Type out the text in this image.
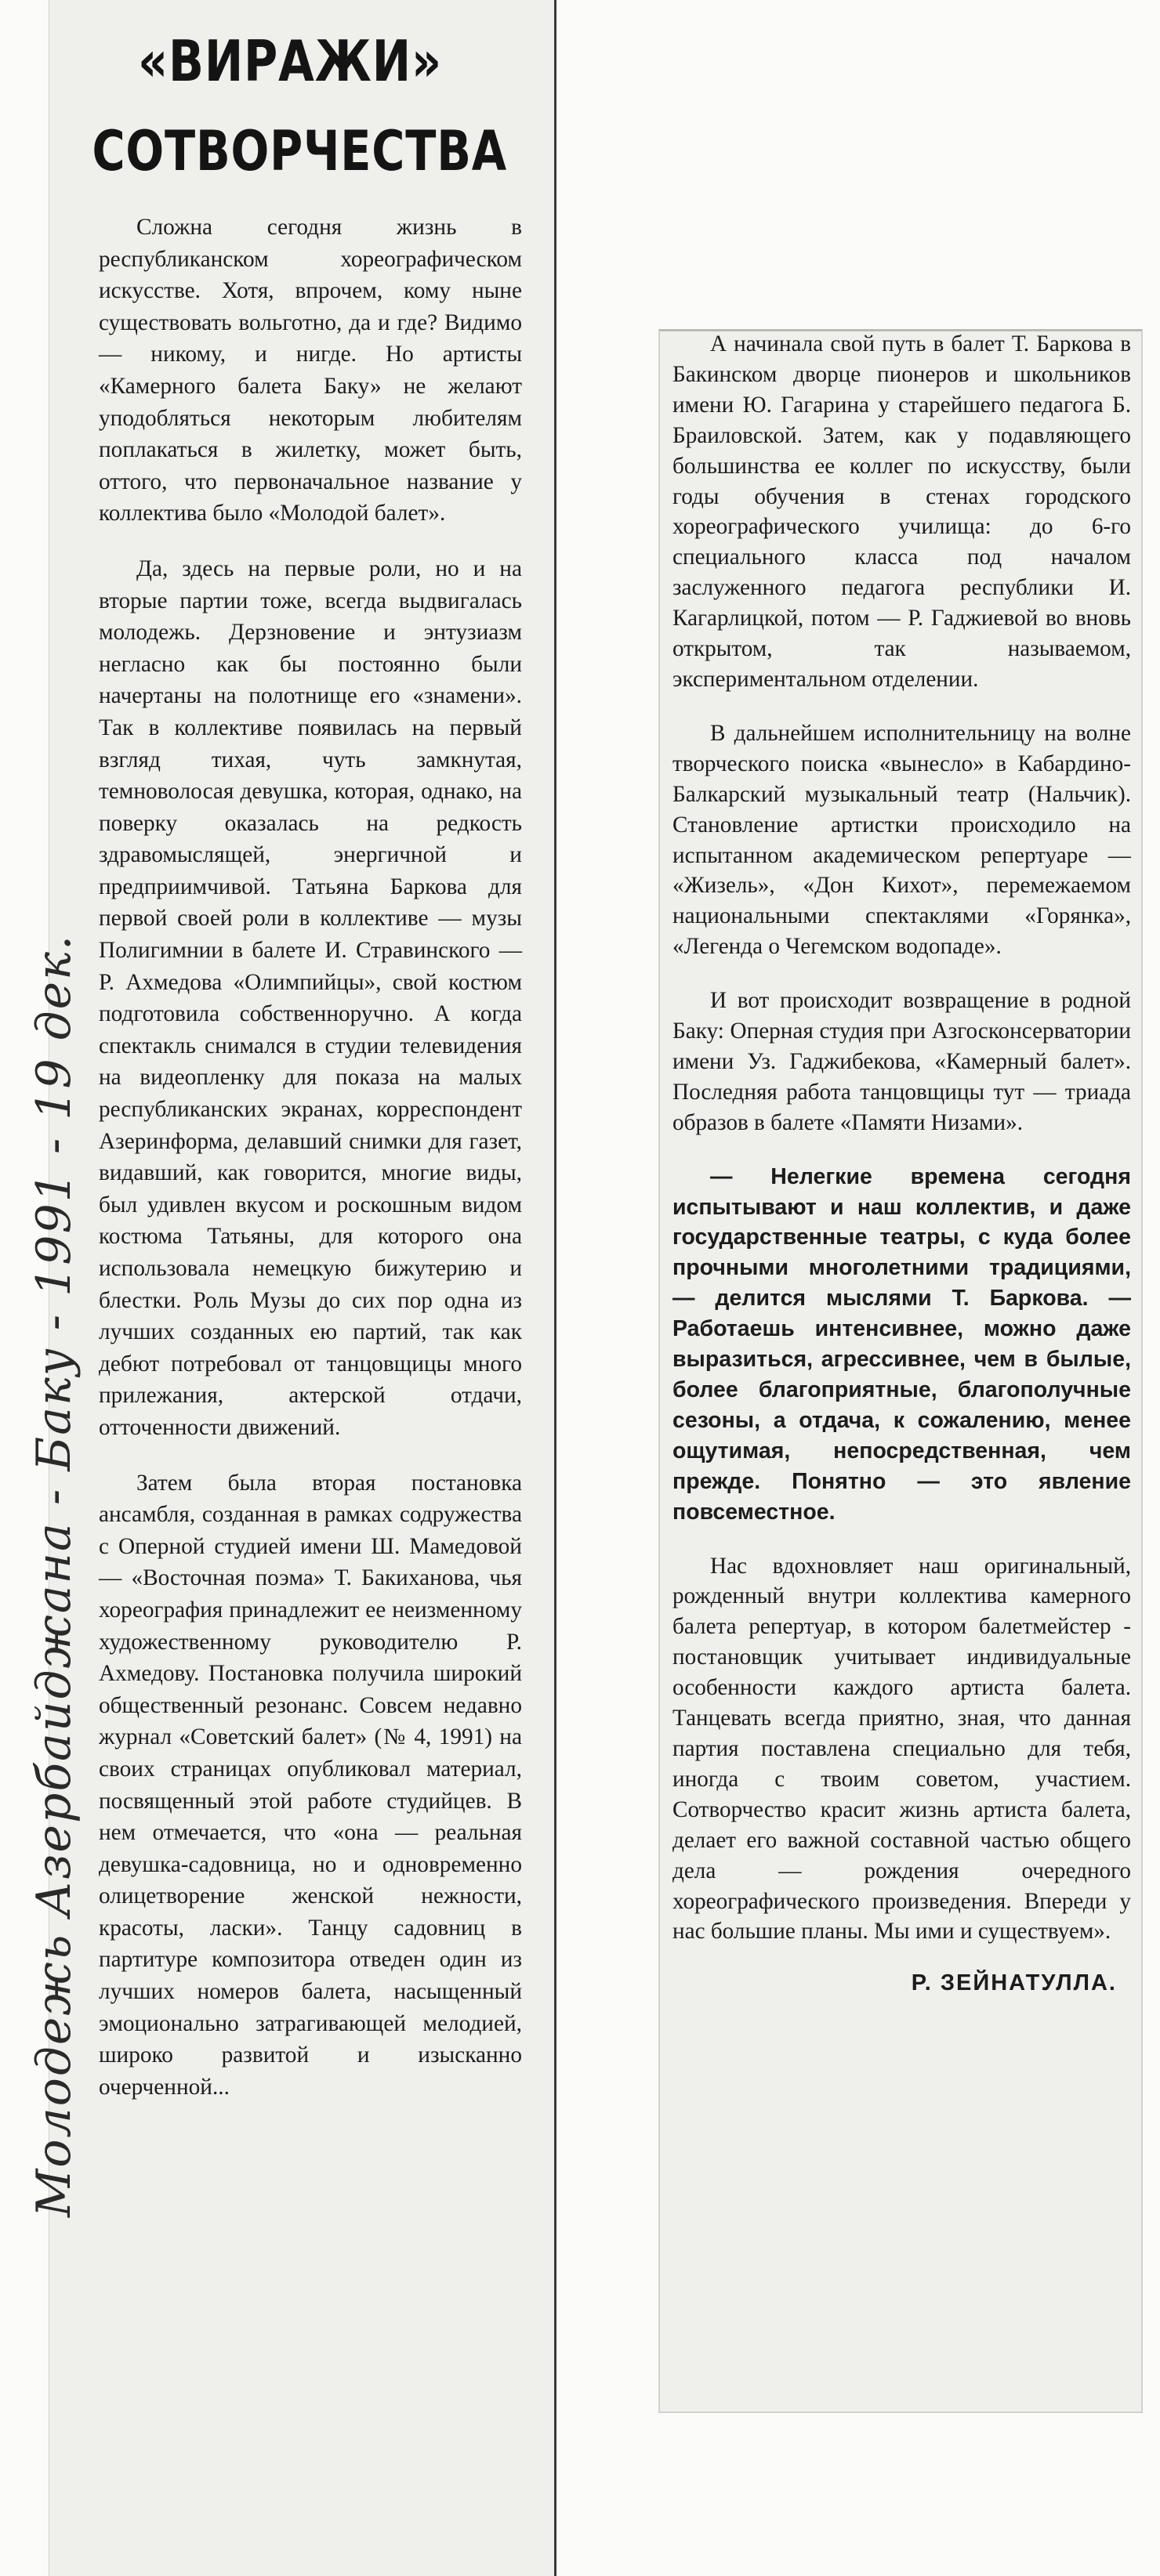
«ВИРАЖИ»
СОТВОРЧЕСТВА

Сложна сегодня жизнь в республиканском хореографическом искусстве. Хотя, впрочем, кому ныне существовать вольготно, да и где? Видимо — никому, и нигде. Но артисты «Камерного балета Баку» не желают уподобляться некоторым любителям поплакаться в жилетку, может быть, оттого, что первоначальное название у коллектива было «Молодой балет».

Да, здесь на первые роли, но и на вторые партии тоже, всегда выдвигалась молодежь. Дерзновение и энтузиазм негласно как бы постоянно были начертаны на полотнище его «знамени». Так в коллективе появилась на первый взгляд тихая, чуть замкнутая, темноволосая девушка, которая, однако, на поверку оказалась на редкость здравомыслящей, энергичной и предприимчивой. Татьяна Баркова для первой своей роли в коллективе — музы Полигимнии в балете И. Стравинского — Р. Ахмедова «Олимпийцы», свой костюм подготовила собственноручно. А когда спектакль снимался в студии телевидения на видеопленку для показа на малых республиканских экранах, корреспондент Азеринформа, делавший снимки для газет, видавший, как говорится, многие виды, был удивлен вкусом и роскошным видом костюма Татьяны, для которого она использовала немецкую бижутерию и блестки. Роль Музы до сих пор одна из лучших созданных ею партий, так как дебют потребовал от танцовщицы много прилежания, актерской отдачи, отточенности движений.

Затем была вторая постановка ансамбля, созданная в рамках содружества с Оперной студией имени Ш. Мамедовой — «Восточная поэма» Т. Бакиханова, чья хореография принадлежит ее неизменному художественному руководителю Р. Ахмедову. Постановка получила широкий общественный резонанс. Совсем недавно журнал «Советский балет» (№ 4, 1991) на своих страницах опубликовал материал, посвященный этой работе студийцев. В нем отмечается, что «она — реальная девушка-садовница, но и одновременно олицетворение женской нежности, красоты, ласки». Танцу садовниц в партитуре композитора отведен один из лучших номеров балета, насыщенный эмоционально затрагивающей мелодией, широко развитой и изысканно очерченной...

А начинала свой путь в балет Т. Баркова в Бакинском дворце пионеров и школьников имени Ю. Гагарина у старейшего педагога Б. Браиловской. Затем, как у подавляющего большинства ее коллег по искусству, были годы обучения в стенах городского хореографического училища: до 6-го специального класса под началом заслуженного педагога республики И. Кагарлицкой, потом — Р. Гаджиевой во вновь открытом, так называемом, экспериментальном отделении.

В дальнейшем исполнительницу на волне творческого поиска «вынесло» в Кабардино-Балкарский музыкальный театр (Нальчик). Становление артистки происходило на испытанном академическом репертуаре — «Жизель», «Дон Кихот», перемежаемом национальными спектаклями «Горянка», «Легенда о Чегемском водопаде».

И вот происходит возвращение в родной Баку: Оперная студия при Азгосконсерватории имени Уз. Гаджибекова, «Камерный балет». Последняя работа танцовщицы тут — триада образов в балете «Памяти Низами».

— Нелегкие времена сегодня испытывают и наш коллектив, и даже государственные театры, с куда более прочными многолетними традициями, — делится мыслями Т. Баркова. — Работаешь интенсивнее, можно даже выразиться, агрессивнее, чем в былые, более благоприятные, благополучные сезоны, а отдача, к сожалению, менее ощутимая, непосредственная, чем прежде. Понятно — это явление повсеместное.

Нас вдохновляет наш оригинальный, рожденный внутри коллектива камерного балета репертуар, в котором балетмейстер - постановщик учитывает индивидуальные особенности каждого артиста балета. Танцевать всегда приятно, зная, что данная партия поставлена специально для тебя, иногда с твоим советом, участием. Сотворчество красит жизнь артиста балета, делает его важной составной частью общего дела — рождения очередного хореографического произведения. Впереди у нас большие планы. Мы ими и существуем».

Р. ЗЕЙНАТУЛЛА.
Молодежь Азербайджана - Баку - 1991 - 19 дек.
